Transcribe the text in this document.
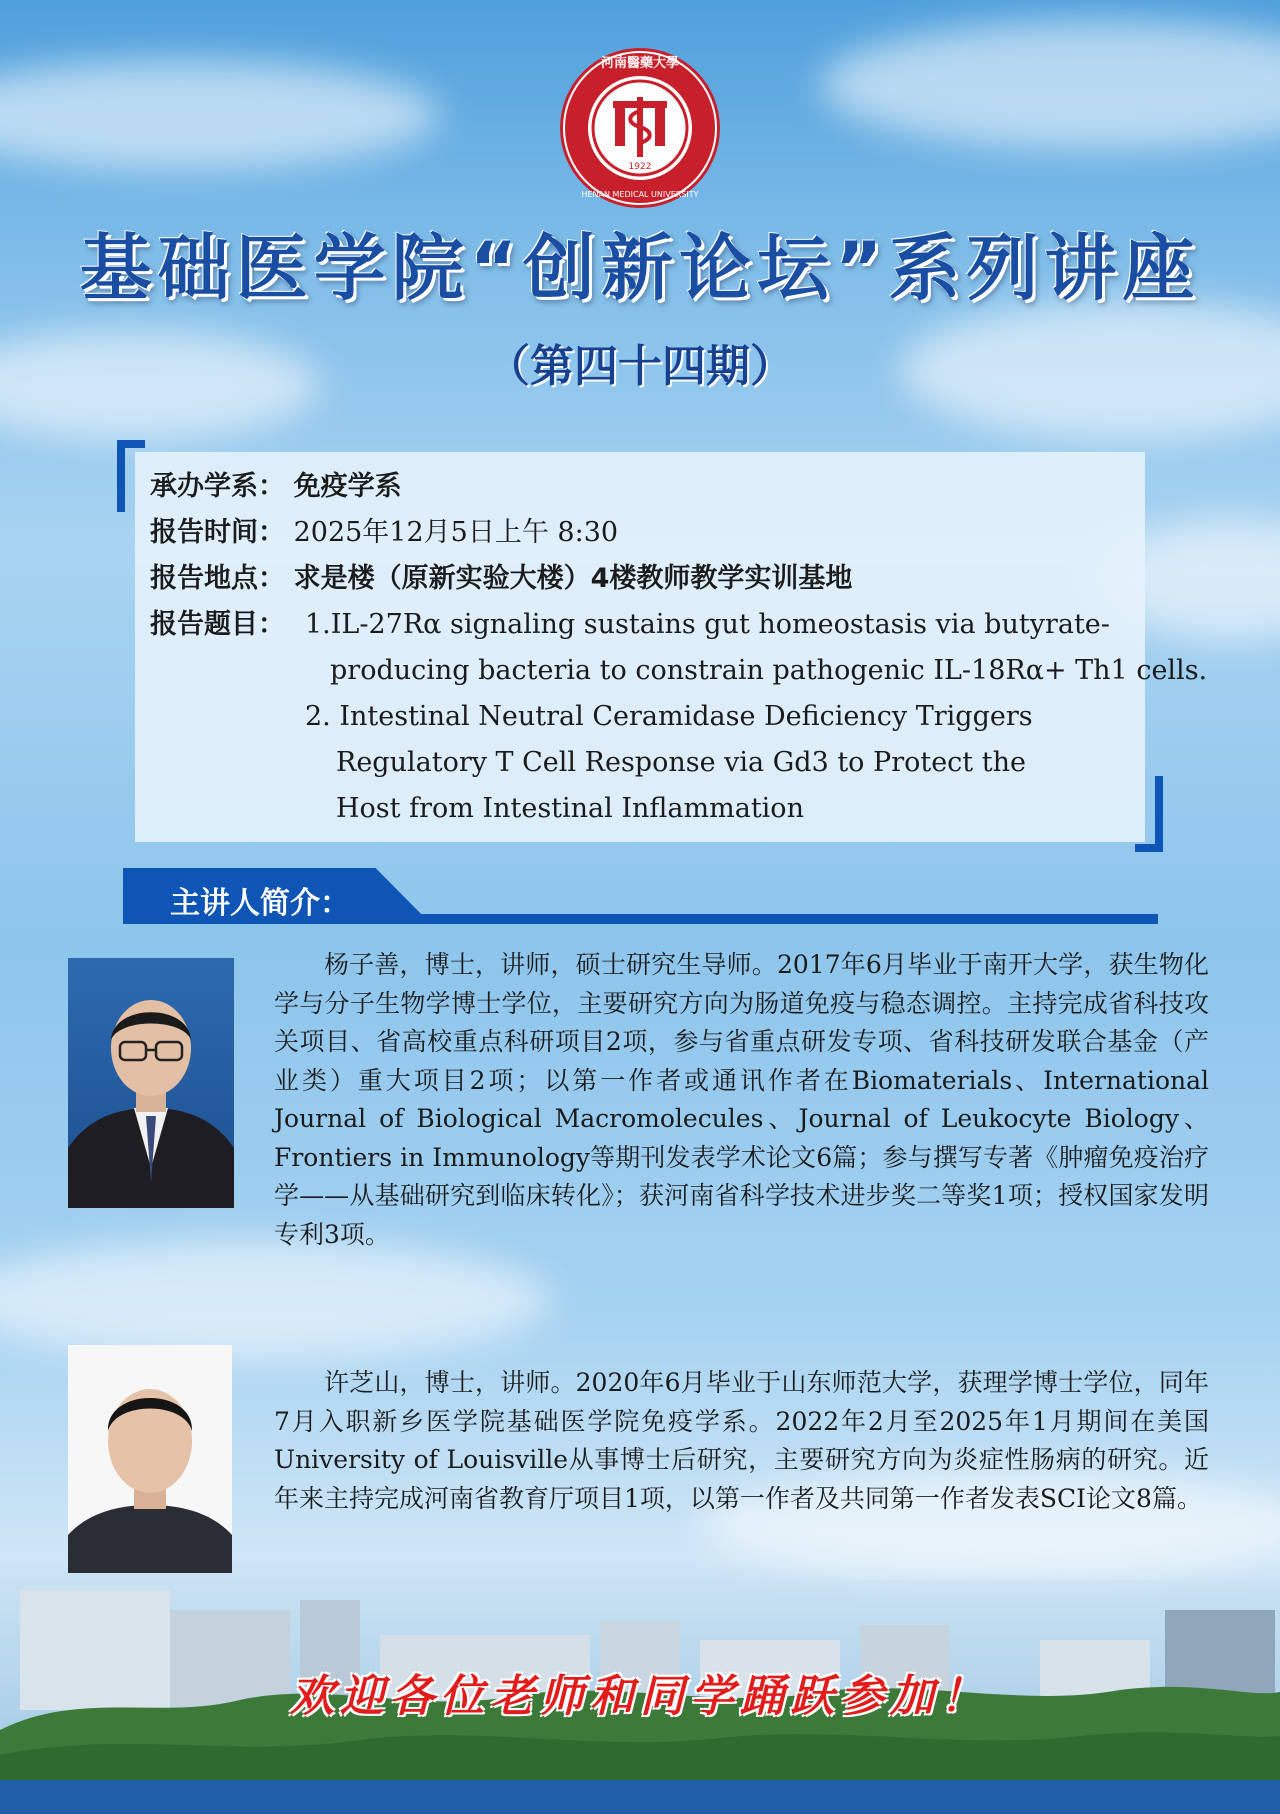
1922
河南醫藥大學
HENAN MEDICAL UNIVERSITY
基础医学院“创新论坛”系列讲座
（第四十四期）
承办学系： 免疫学系
报告时间： 2025年12月5日上午 8:30
报告地点： 求是楼（原新实验大楼）4楼教师教学实训基地
报告题目： 1.IL-27Rα signaling sustains gut homeostasis via butyrate-
producing bacteria to constrain pathogenic IL-18Rα+ Th1 cells.
2. Intestinal Neutral Ceramidase Deficiency Triggers
Regulatory T Cell Response via Gd3 to Protect the
Host from Intestinal Inflammation
主讲人简介：

杨子善，博士，讲师，硕士研究生导师。2017年6月毕业于南开大学，获生物化学与分子生物学博士学位，主要研究方向为肠道免疫与稳态调控。主持完成省科技攻关项目、省高校重点科研项目2项，参与省重点研发专项、省科技研发联合基金（产业类）重大项目2项；以第一作者或通讯作者在Biomaterials、International Journal of Biological Macromolecules、Journal of Leukocyte Biology、Frontiers in Immunology等期刊发表学术论文6篇；参与撰写专著《肿瘤免疫治疗学——从基础研究到临床转化》；获河南省科学技术进步奖二等奖1项；授权国家发明专利3项。

许芝山，博士，讲师。2020年6月毕业于山东师范大学，获理学博士学位，同年7月入职新乡医学院基础医学院免疫学系。2022年2月至2025年1月期间在美国University of Louisville从事博士后研究，主要研究方向为炎症性肠病的研究。近年来主持完成河南省教育厅项目1项，以第一作者及共同第一作者发表SCI论文8篇。

欢迎各位老师和同学踊跃参加！
